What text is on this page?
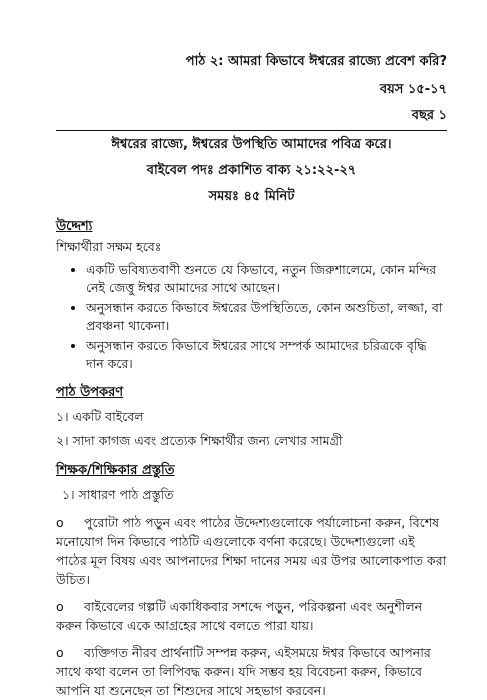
পাঠ ২: আমরা কিভাবে ঈশ্বরের রাজ্যে প্রবেশ করি?
বয়স ১৫-১৭
বছর ১
ঈশ্বরের রাজ্যে, ঈশ্বরের উপস্থিতি আমাদের পবিত্র করে।
বাইবেল পদঃ প্রকাশিত বাক্য ২১:২২-২৭
সময়ঃ ৪৫ মিনিট
উদ্দেশ্য
শিক্ষার্থীরা সক্ষম হবেঃ
• একটি ভবিষ্যতবাণী শুনতে যে কিভাবে, নতুন জিরুশালেমে, কোন মন্দির নেই জেত্তু ঈশ্বর আমাদের সাথে আছেন।
• অনুসন্ধান করতে কিভাবে ঈশ্বরের উপস্থিতিতে, কোন অশুচিতা, লজ্জা, বা প্রবঞ্চনা থাকেনা।
• অনুসন্ধান করতে কিভাবে ঈশ্বরের সাথে সম্পর্ক আমাদের চরিত্রকে বৃদ্ধি দান করে।
পাঠ উপকরণ
১। একটি বাইবেল
২। সাদা কাগজ এবং প্রত্যেক শিক্ষার্থীর জন্য লেখার সামগ্রী
শিক্ষক/শিক্ষিকার প্রস্তুতি
১। সাধারণ পাঠ প্রস্তুতি
o পুরোটা পাঠ পড়ুন এবং পাঠের উদ্দেশ্যগুলোকে পর্যালোচনা করুন, বিশেষ মনোযোগ দিন কিভাবে পাঠটি এগুলোকে বর্ণনা করেছে। উদ্দেশ্যগুলো এই পাঠের মূল বিষয় এবং আপনাদের শিক্ষা দানের সময় এর উপর আলোকপাত করা উচিত।
o বাইবেলের গল্পটি একাধিকবার সশব্দে পড়ুন, পরিকল্পনা এবং অনুশীলন করুন কিভাবে একে আগ্রহের সাথে বলতে পারা যায়।
o ব্যক্তিগত নীরব প্রার্থনাটি সম্পন্ন করুন, এইসময়ে ঈশ্বর কিভাবে আপনার সাথে কথা বলেন তা লিপিবদ্ধ করুন। যদি সম্ভব হয় বিবেচনা করুন, কিভাবে আপনি যা শুনেছেন তা শিশুদের সাথে সহভাগ করবেন।
